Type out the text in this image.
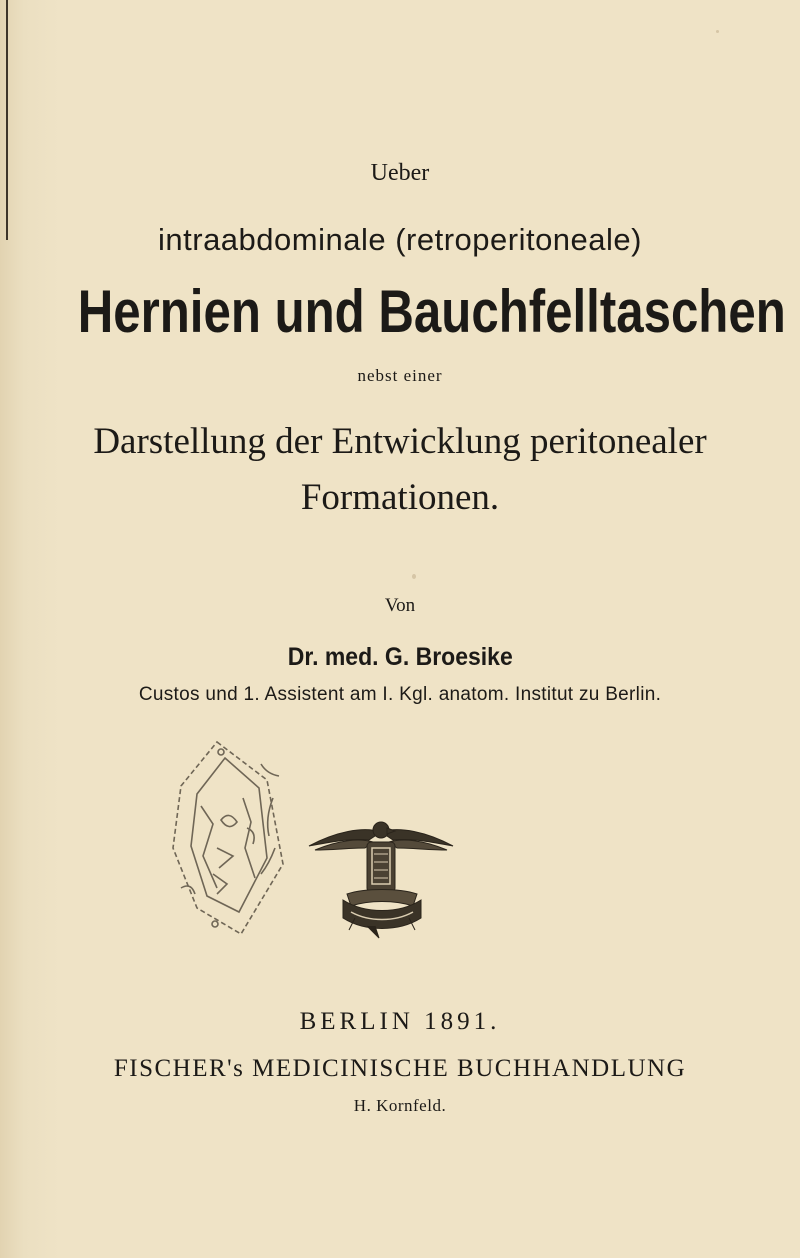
Ueber
intraabdominale (retroperitoneale)
Hernien und Bauchfelltaschen
nebst einer
Darstellung der Entwicklung peritonealer
Formationen.
Von
Dr. med. G. Broesike
Custos und 1. Assistent am I. Kgl. anatom. Institut zu Berlin.
BERLIN 1891.
FISCHER's MEDICINISCHE BUCHHANDLUNG
H. Kornfeld.
